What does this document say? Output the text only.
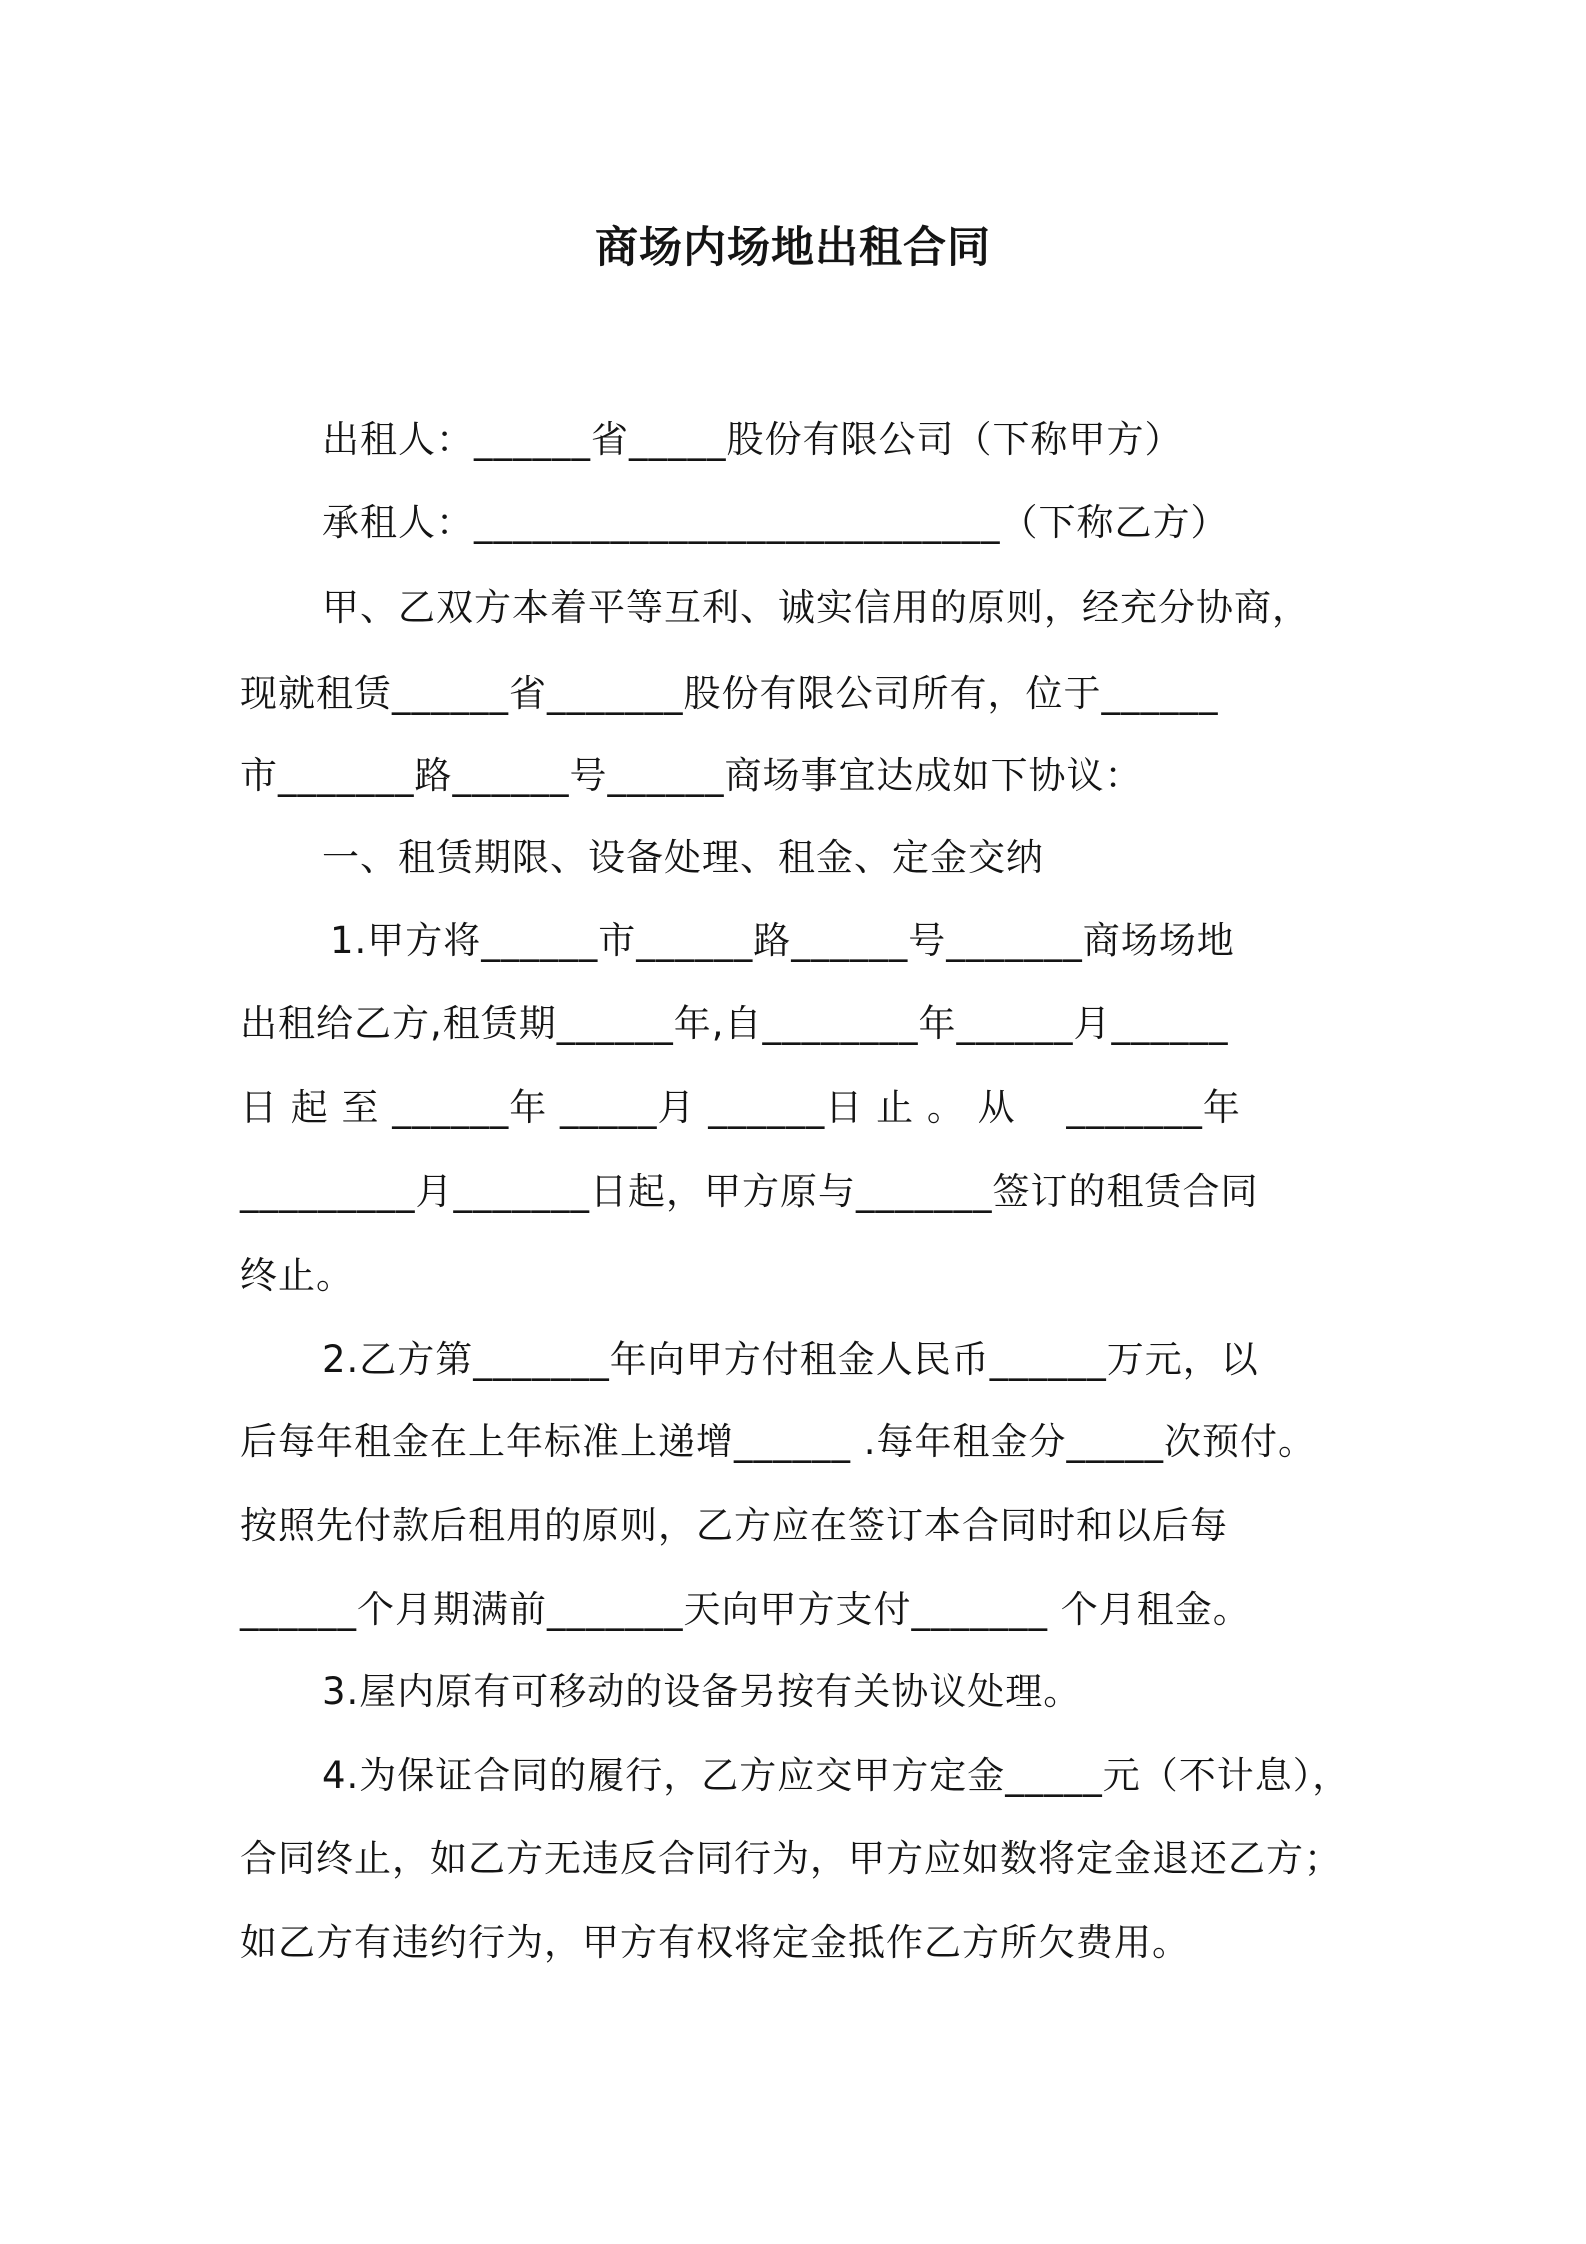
商场内场地出租合同
出租人：______省_____股份有限公司（下称甲方）
承租人：___________________________（下称乙方）
甲、乙双方本着平等互利、诚实信用的原则，经充分协商，
现就租赁______省_______股份有限公司所有，位于______
市_______路______号______商场事宜达成如下协议：
一、租赁期限、设备处理、租金、定金交纳
1.甲方将______市______路______号_______商场场地
出租给乙方,租赁期______年,自________年______月______
日 起 至 ______年 _____月 ______日 止 。 从　 _______年
_________月_______日起，甲方原与_______签订的租赁合同
终止。
2.乙方第_______年向甲方付租金人民币______万元，以
后每年租金在上年标准上递增______ .每年租金分_____次预付。
按照先付款后租用的原则，乙方应在签订本合同时和以后每
______个月期满前_______天向甲方支付_______ 个月租金。
3.屋内原有可移动的设备另按有关协议处理。
4.为保证合同的履行，乙方应交甲方定金_____元（不计息），
合同终止，如乙方无违反合同行为，甲方应如数将定金退还乙方；
如乙方有违约行为，甲方有权将定金抵作乙方所欠费用。
